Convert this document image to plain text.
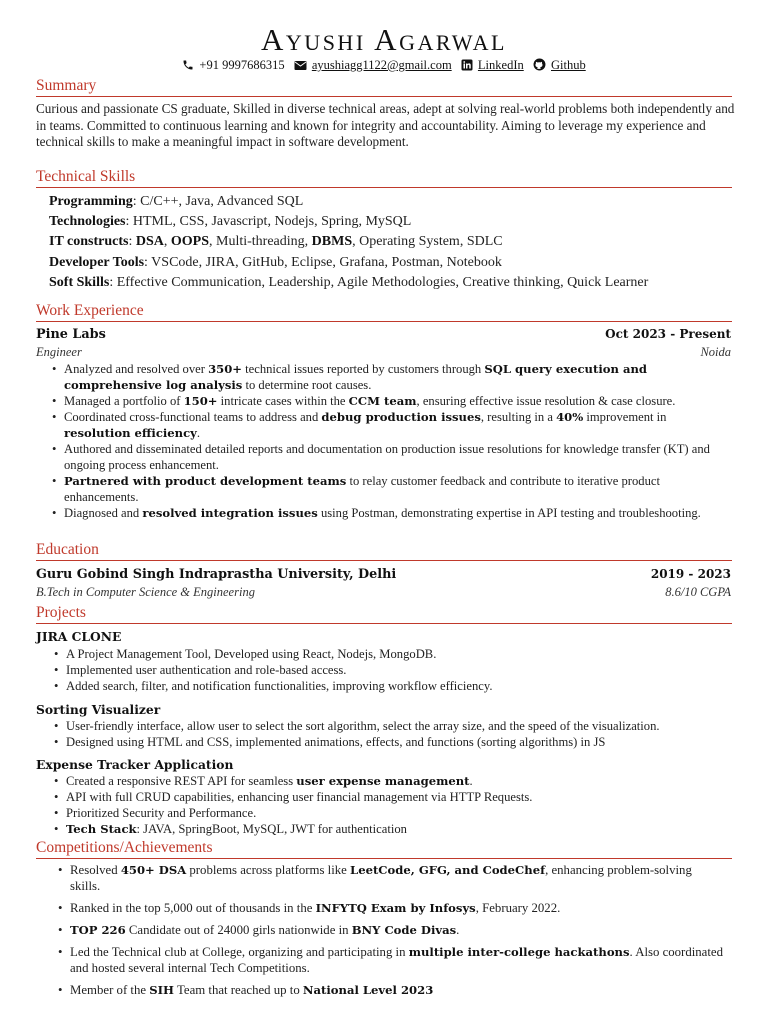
Ayushi Agarwal
+91 9997686315 ayushiagg1122@gmail.com LinkedIn Github
Summary
Curious and passionate CS graduate, Skilled in diverse technical areas, adept at solving real-world problems both independently and in teams. Committed to continuous learning and known for integrity and accountability. Aiming to leverage my experience and technical skills to make a meaningful impact in software development.
Technical Skills
Programming: C/C++, Java, Advanced SQL
Technologies: HTML, CSS, Javascript, Nodejs, Spring, MySQL
IT constructs: DSA, OOPS, Multi-threading, DBMS, Operating System, SDLC
Developer Tools: VSCode, JIRA, GitHub, Eclipse, Grafana, Postman, Notebook
Soft Skills: Effective Communication, Leadership, Agile Methodologies, Creative thinking, Quick Learner
Work Experience
Pine Labs	Oct 2023 - Present
Engineer	Noida
• Analyzed and resolved over 350+ technical issues reported by customers through SQL query execution and comprehensive log analysis to determine root causes.
• Managed a portfolio of 150+ intricate cases within the CCM team, ensuring effective issue resolution & case closure.
• Coordinated cross-functional teams to address and debug production issues, resulting in a 40% improvement in resolution efficiency.
• Authored and disseminated detailed reports and documentation on production issue resolutions for knowledge transfer (KT) and ongoing process enhancement.
• Partnered with product development teams to relay customer feedback and contribute to iterative product enhancements.
• Diagnosed and resolved integration issues using Postman, demonstrating expertise in API testing and troubleshooting.
Education
Guru Gobind Singh Indraprastha University, Delhi	2019 - 2023
B.Tech in Computer Science & Engineering	8.6/10 CGPA
Projects
JIRA CLONE
• A Project Management Tool, Developed using React, Nodejs, MongoDB.
• Implemented user authentication and role-based access.
• Added search, filter, and notification functionalities, improving workflow efficiency.
Sorting Visualizer
• User-friendly interface, allow user to select the sort algorithm, select the array size, and the speed of the visualization.
• Designed using HTML and CSS, implemented animations, effects, and functions (sorting algorithms) in JS
Expense Tracker Application
• Created a responsive REST API for seamless user expense management.
• API with full CRUD capabilities, enhancing user financial management via HTTP Requests.
• Prioritized Security and Performance.
• Tech Stack: JAVA, SpringBoot, MySQL, JWT for authentication
Competitions/Achievements
• Resolved 450+ DSA problems across platforms like LeetCode, GFG, and CodeChef, enhancing problem-solving skills.
• Ranked in the top 5,000 out of thousands in the INFYTQ Exam by Infosys, February 2022.
• TOP 226 Candidate out of 24000 girls nationwide in BNY Code Divas.
• Led the Technical club at College, organizing and participating in multiple inter-college hackathons. Also coordinated and hosted several internal Tech Competitions.
• Member of the SIH Team that reached up to National Level 2023
